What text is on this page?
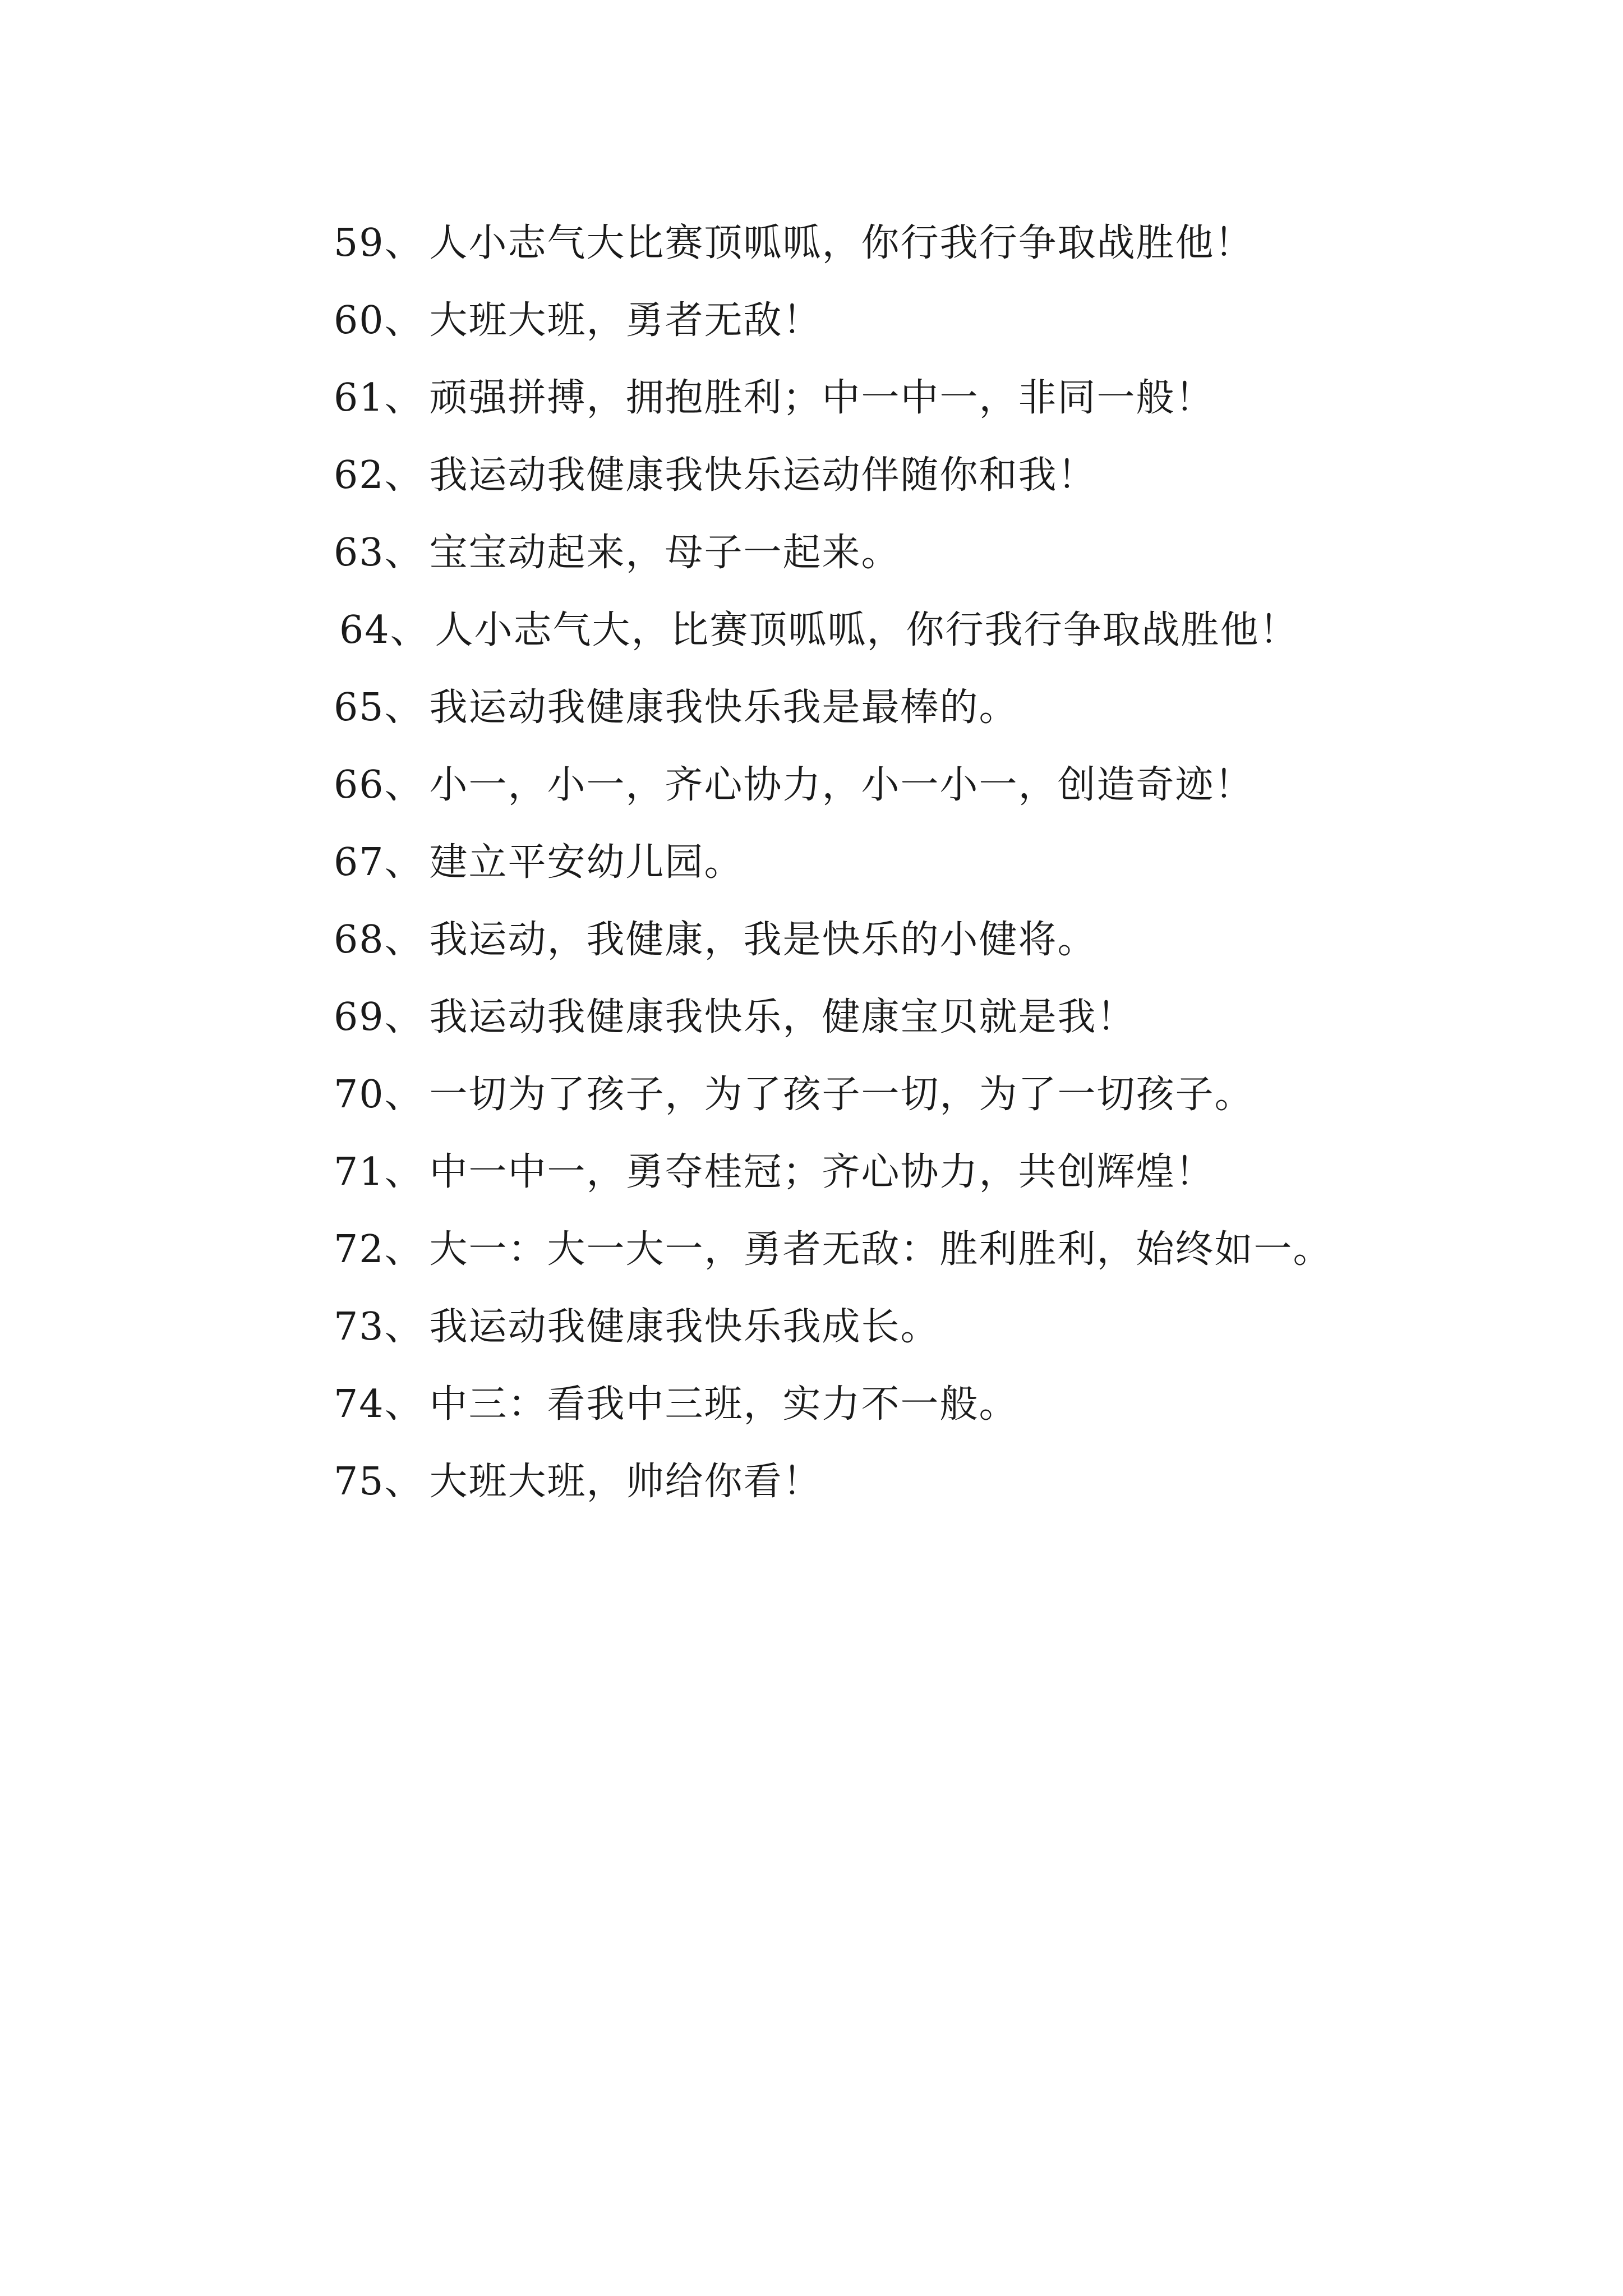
59、 人小志气大比赛顶呱呱，你行我行争取战胜他！
60、 大班大班，勇者无敌！
61、 顽强拼搏，拥抱胜利；中一中一，非同一般！
62、 我运动我健康我快乐运动伴随你和我！
63、 宝宝动起来，母子一起来。
64、 人小志气大，比赛顶呱呱，你行我行争取战胜他！
65、 我运动我健康我快乐我是最棒的。
66、 小一，小一，齐心协力，小一小一，创造奇迹！
67、 建立平安幼儿园。
68、 我运动，我健康，我是快乐的小健将。
69、 我运动我健康我快乐，健康宝贝就是我！
70、 一切为了孩子，为了孩子一切，为了一切孩子。
71、 中一中一，勇夺桂冠；齐心协力，共创辉煌！
72、 大一：大一大一，勇者无敌：胜利胜利，始终如一。
73、 我运动我健康我快乐我成长。
74、 中三：看我中三班，实力不一般。
75、 大班大班，帅给你看！
